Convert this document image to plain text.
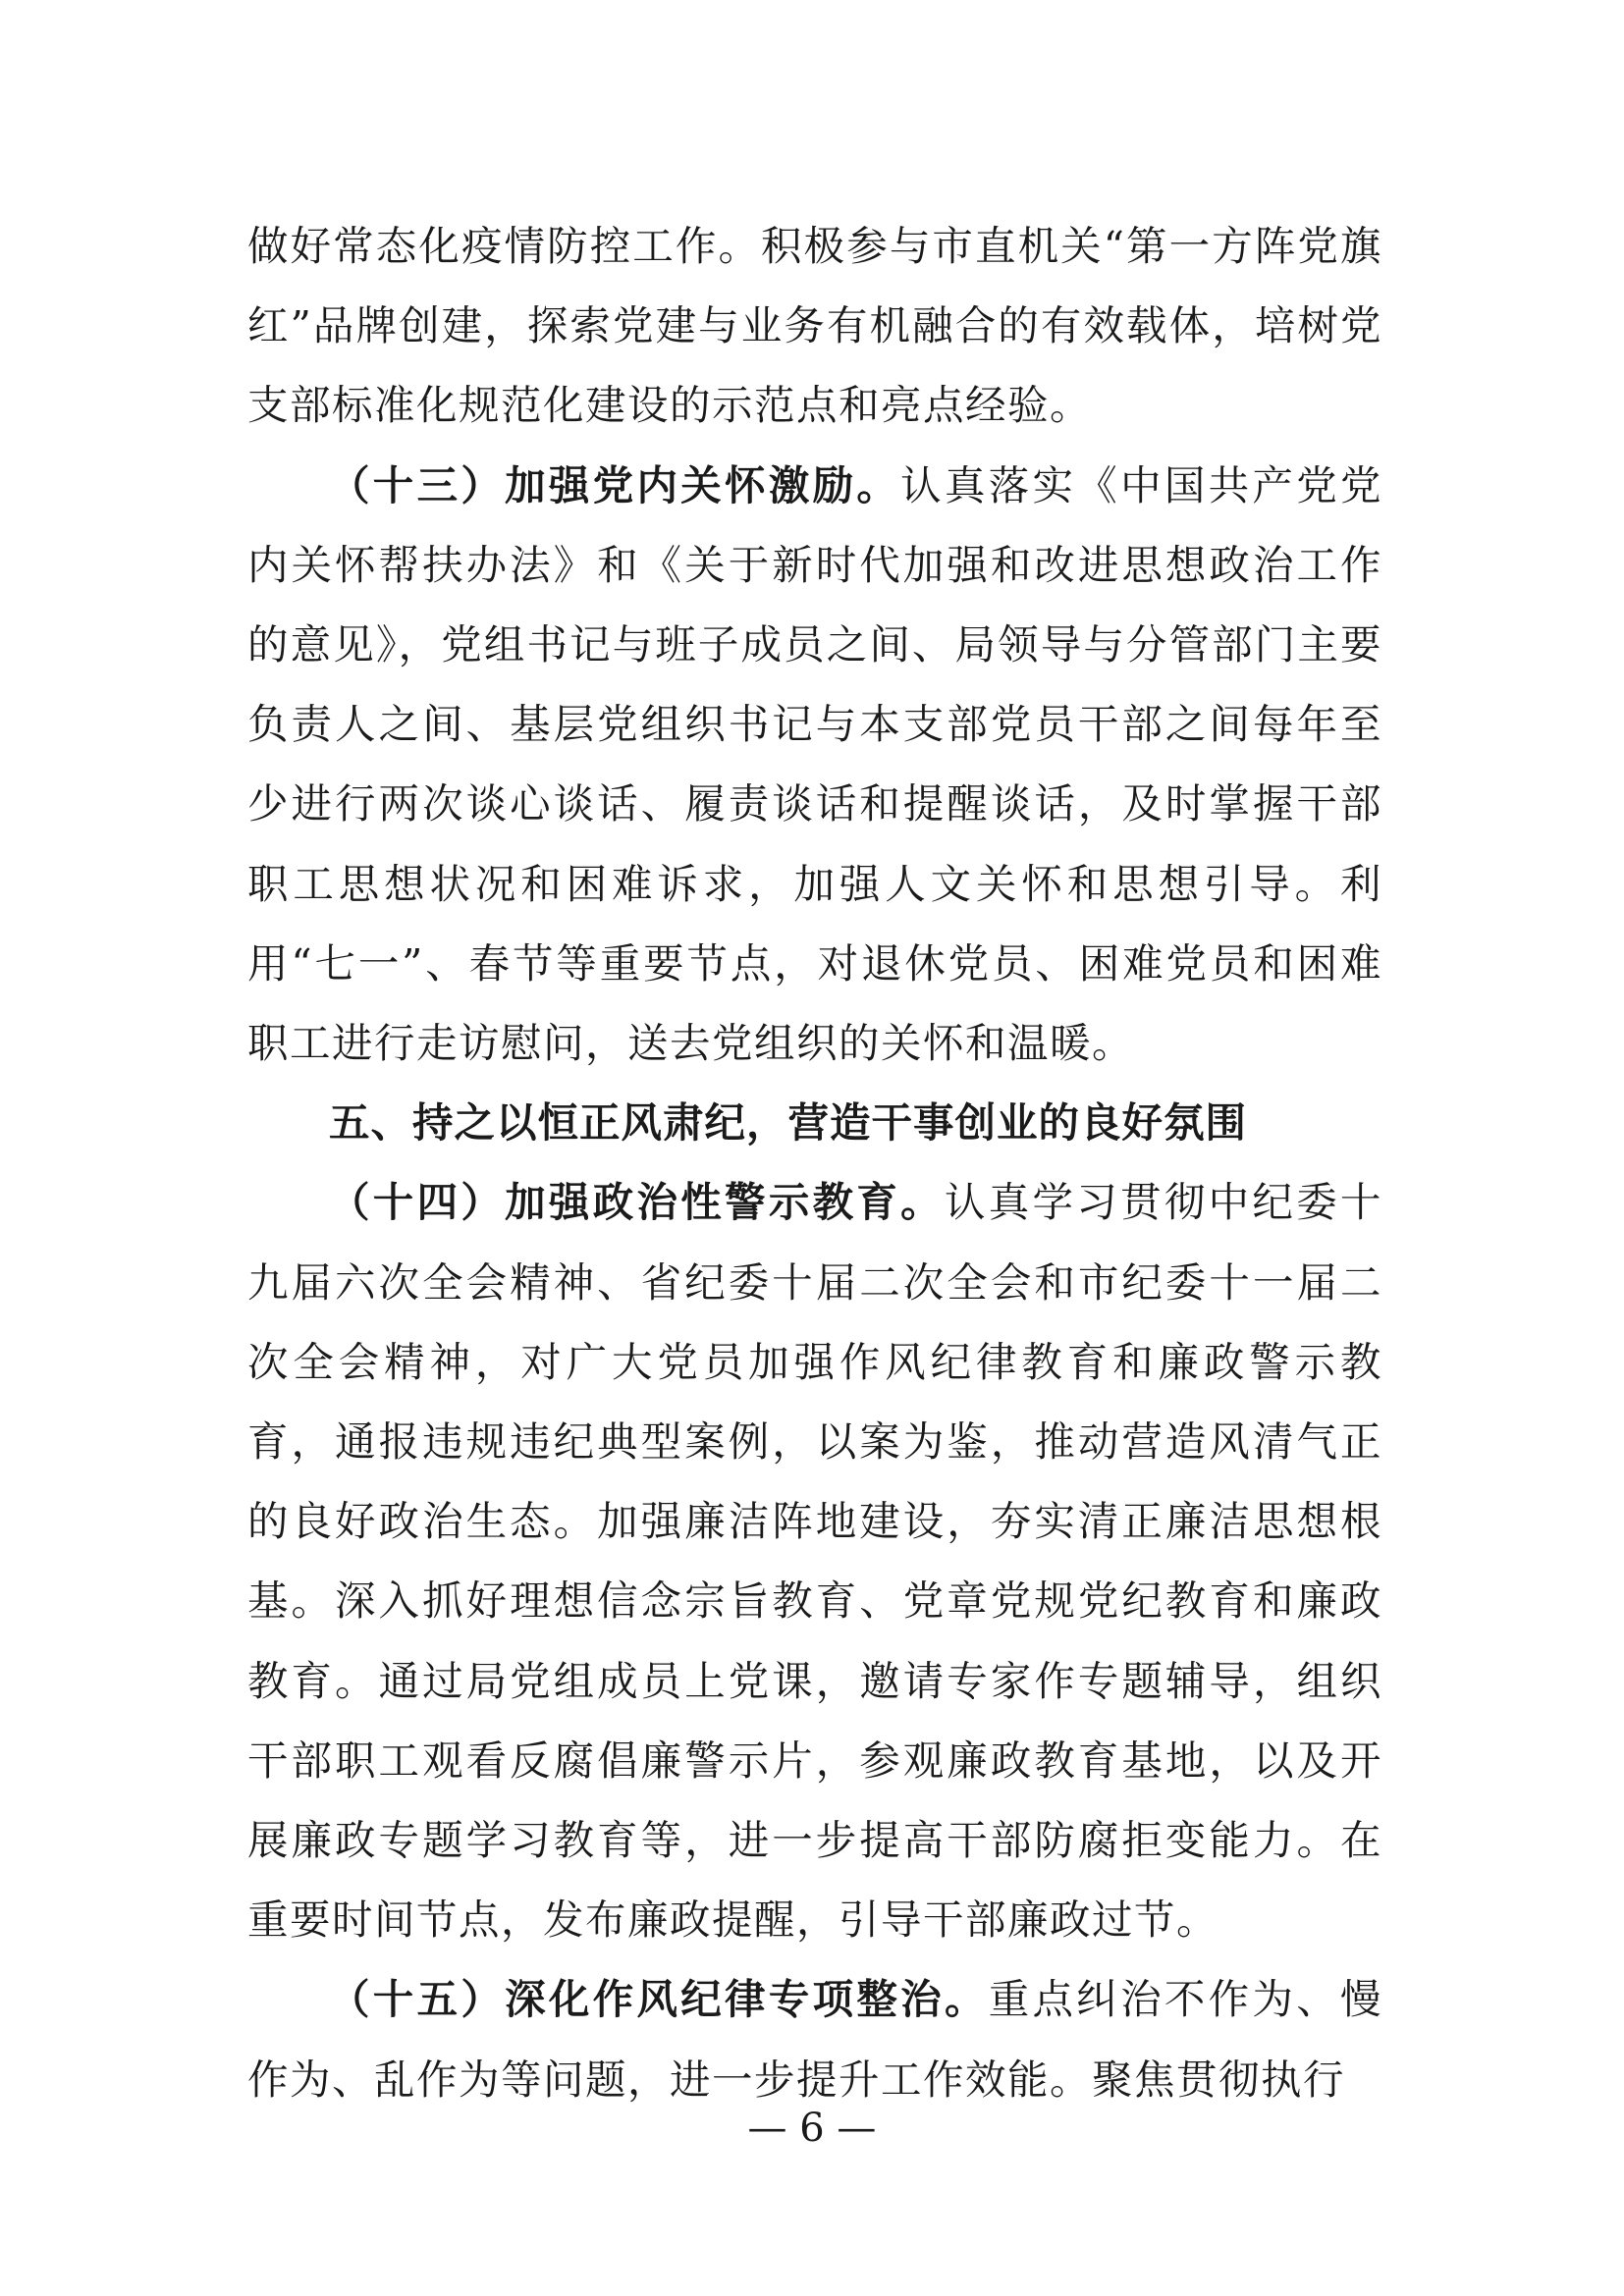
做好常态化疫情防控工作。积极参与市直机关“第一方阵党旗红”品牌创建，探索党建与业务有机融合的有效载体，培树党支部标准化规范化建设的示范点和亮点经验。

（十三）加强党内关怀激励。认真落实《中国共产党党内关怀帮扶办法》和《关于新时代加强和改进思想政治工作的意见》，党组书记与班子成员之间、局领导与分管部门主要负责人之间、基层党组织书记与本支部党员干部之间每年至少进行两次谈心谈话、履责谈话和提醒谈话，及时掌握干部职工思想状况和困难诉求，加强人文关怀和思想引导。利用“七一”、春节等重要节点，对退休党员、困难党员和困难职工进行走访慰问，送去党组织的关怀和温暖。

五、持之以恒正风肃纪，营造干事创业的良好氛围

（十四）加强政治性警示教育。认真学习贯彻中纪委十九届六次全会精神、省纪委十届二次全会和市纪委十一届二次全会精神，对广大党员加强作风纪律教育和廉政警示教育，通报违规违纪典型案例，以案为鉴，推动营造风清气正的良好政治生态。加强廉洁阵地建设，夯实清正廉洁思想根基。深入抓好理想信念宗旨教育、党章党规党纪教育和廉政教育。通过局党组成员上党课，邀请专家作专题辅导，组织干部职工观看反腐倡廉警示片，参观廉政教育基地，以及开展廉政专题学习教育等，进一步提高干部防腐拒变能力。在重要时间节点，发布廉政提醒，引导干部廉政过节。

（十五）深化作风纪律专项整治。重点纠治不作为、慢作为、乱作为等问题，进一步提升工作效能。聚焦贯彻执行

— 6 —
